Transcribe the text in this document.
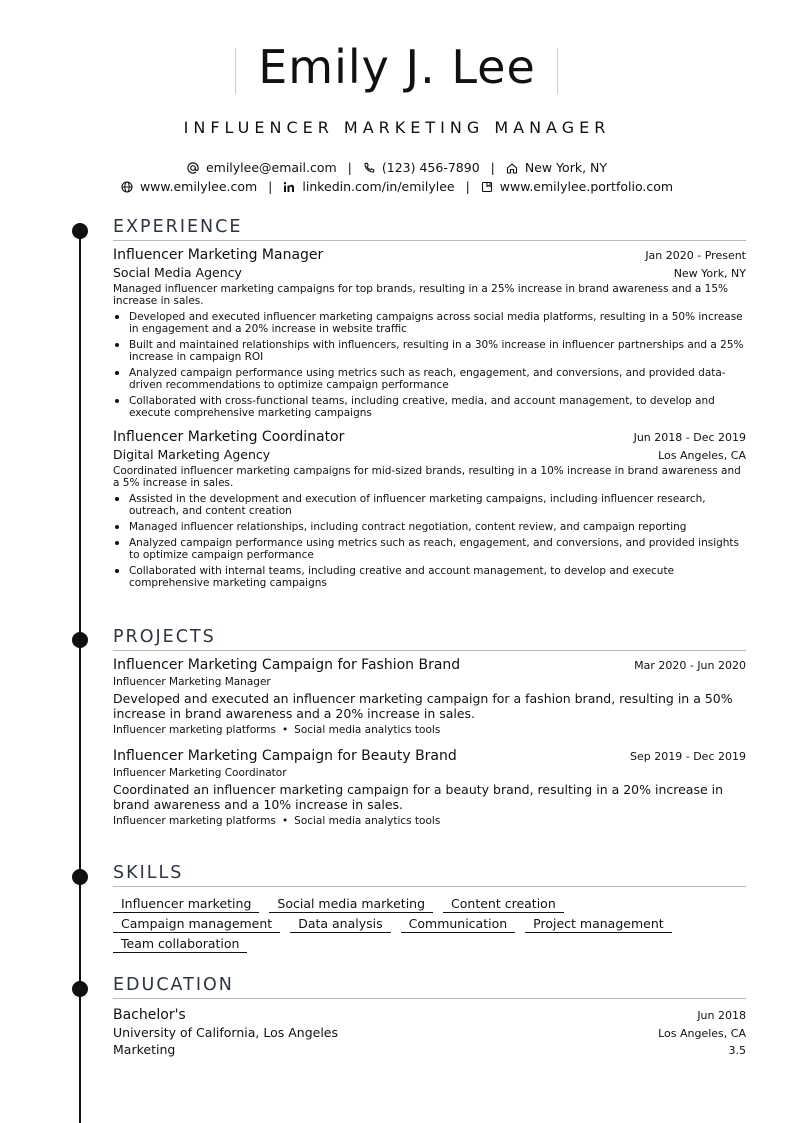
Emily J. Lee
INFLUENCER MARKETING MANAGER
emilylee@email.com | (123) 456-7890 | New York, NY
www.emilylee.com | linkedin.com/in/emilylee | www.emilylee.portfolio.com
EXPERIENCE
Influencer Marketing Manager	Jan 2020 - Present
Social Media Agency	New York, NY

Managed influencer marketing campaigns for top brands, resulting in a 25% increase in brand awareness and a 15% increase in sales.

Developed and executed influencer marketing campaigns across social media platforms, resulting in a 50% increase in engagement and a 20% increase in website traffic
Built and maintained relationships with influencers, resulting in a 30% increase in influencer partnerships and a 25% increase in campaign ROI
Analyzed campaign performance using metrics such as reach, engagement, and conversions, and provided data-driven recommendations to optimize campaign performance
Collaborated with cross-functional teams, including creative, media, and account management, to develop and execute comprehensive marketing campaigns
Influencer Marketing Coordinator	Jun 2018 - Dec 2019
Digital Marketing Agency	Los Angeles, CA

Coordinated influencer marketing campaigns for mid-sized brands, resulting in a 10% increase in brand awareness and a 5% increase in sales.

Assisted in the development and execution of influencer marketing campaigns, including influencer research, outreach, and content creation
Managed influencer relationships, including contract negotiation, content review, and campaign reporting
Analyzed campaign performance using metrics such as reach, engagement, and conversions, and provided insights to optimize campaign performance
Collaborated with internal teams, including creative and account management, to develop and execute comprehensive marketing campaigns
PROJECTS
Influencer Marketing Campaign for Fashion Brand	Mar 2020 - Jun 2020
Influencer Marketing Manager
Developed and executed an influencer marketing campaign for a fashion brand, resulting in a 50% increase in brand awareness and a 20% increase in sales.
Influencer marketing platforms • Social media analytics tools
Influencer Marketing Campaign for Beauty Brand	Sep 2019 - Dec 2019
Influencer Marketing Coordinator
Coordinated an influencer marketing campaign for a beauty brand, resulting in a 20% increase in brand awareness and a 10% increase in sales.
Influencer marketing platforms • Social media analytics tools
SKILLS
Influencer marketing	Social media marketing	Content creation
Campaign management	Data analysis	Communication	Project management
Team collaboration
EDUCATION
Bachelor's	Jun 2018
University of California, Los Angeles	Los Angeles, CA
Marketing	3.5
